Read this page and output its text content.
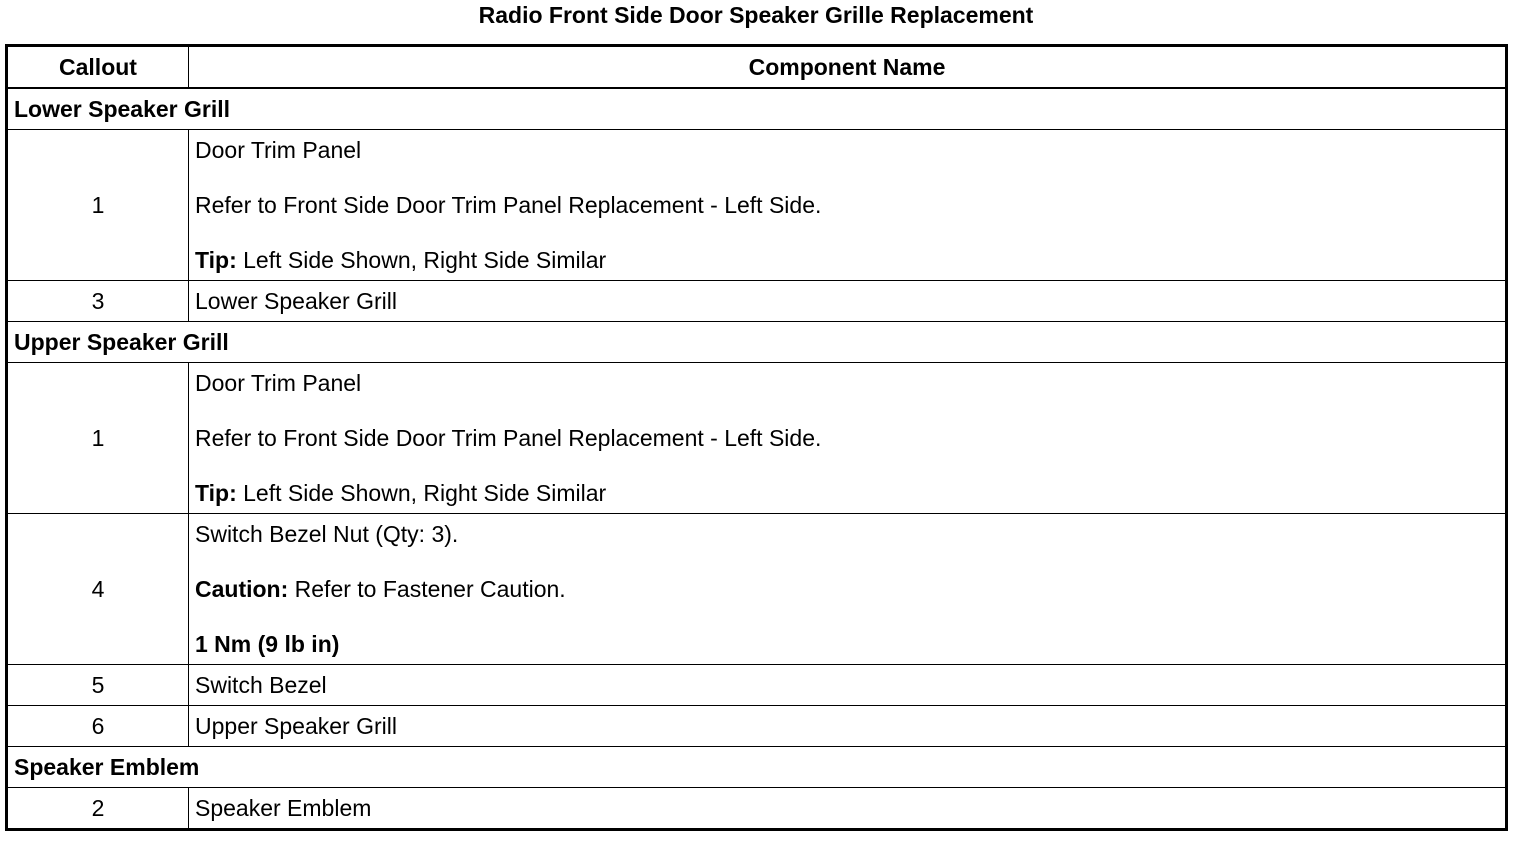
Radio Front Side Door Speaker Grille Replacement
Callout	Component Name
Lower Speaker Grill	
1	Door Trim Panel
Refer to Front Side Door Trim Panel Replacement - Left Side.
Tip: Left Side Shown, Right Side Similar

3	Lower Speaker Grill
Upper Speaker Grill	
1	Door Trim Panel
Refer to Front Side Door Trim Panel Replacement - Left Side.
Tip: Left Side Shown, Right Side Similar

4	Switch Bezel Nut (Qty: 3).
Caution: Refer to Fastener Caution.
1 Nm (9 lb in)

5	Switch Bezel
6	Upper Speaker Grill
Speaker Emblem	
2	Speaker Emblem
